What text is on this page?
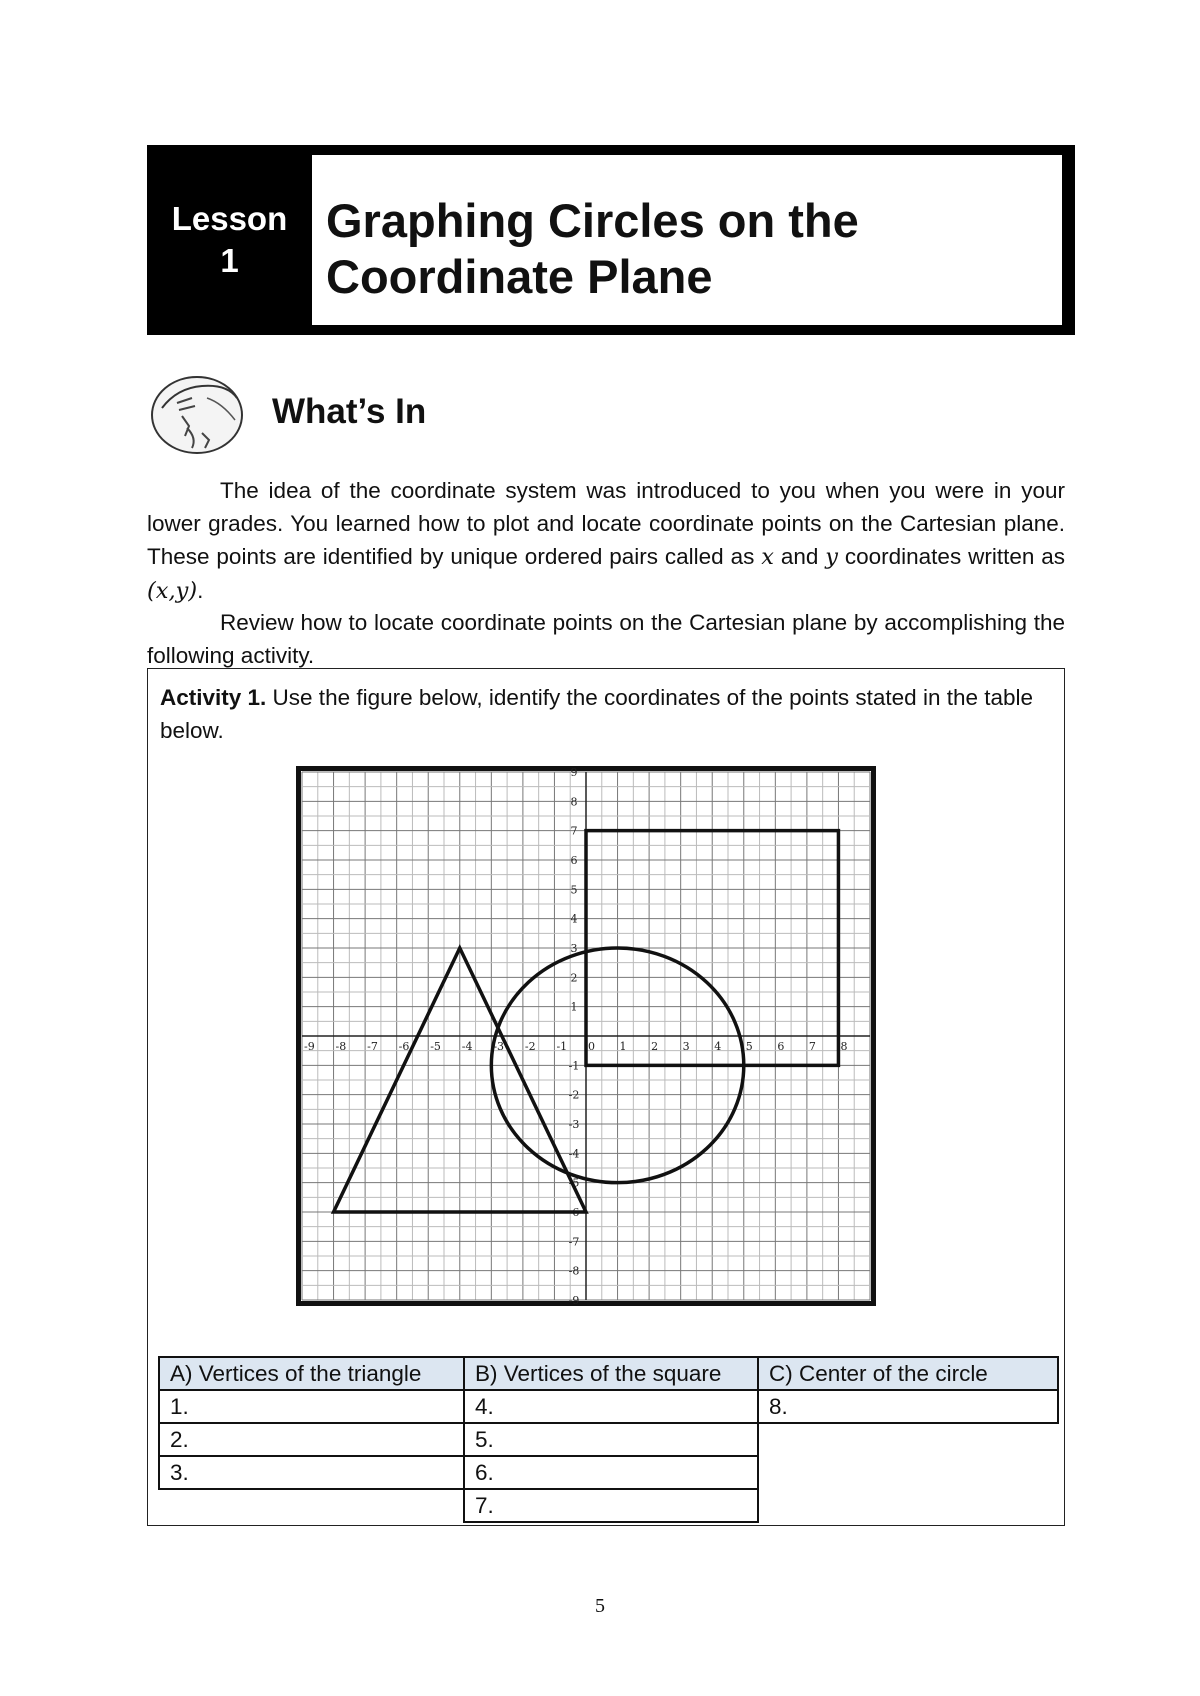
Lesson
1
Graphing Circles on the
Coordinate Plane
What’s In

The idea of the coordinate system was introduced to you when you were in your lower grades. You learned how to plot and locate coordinate points on the Cartesian plane. These points are identified by unique ordered pairs called as x and y coordinates written as (x,y).

Review how to locate coordinate points on the Cartesian plane by accomplishing the following activity.

Activity 1. Use the figure below, identify the coordinates of the points stated in the table below.

-9 -8 -7 -6 -5 -4 -3 -2 -1 0 1 2 3 4 5 6 7 8
9
8
7
6
5
4
3
2
1
-1
-2
-3
-4
-5
-6
-7
-8
-9
A) Vertices of the triangle	B) Vertices of the square	C) Center of the circle
1.	4.	8.
2.	5.	
3.	6.	
	7.	
5
